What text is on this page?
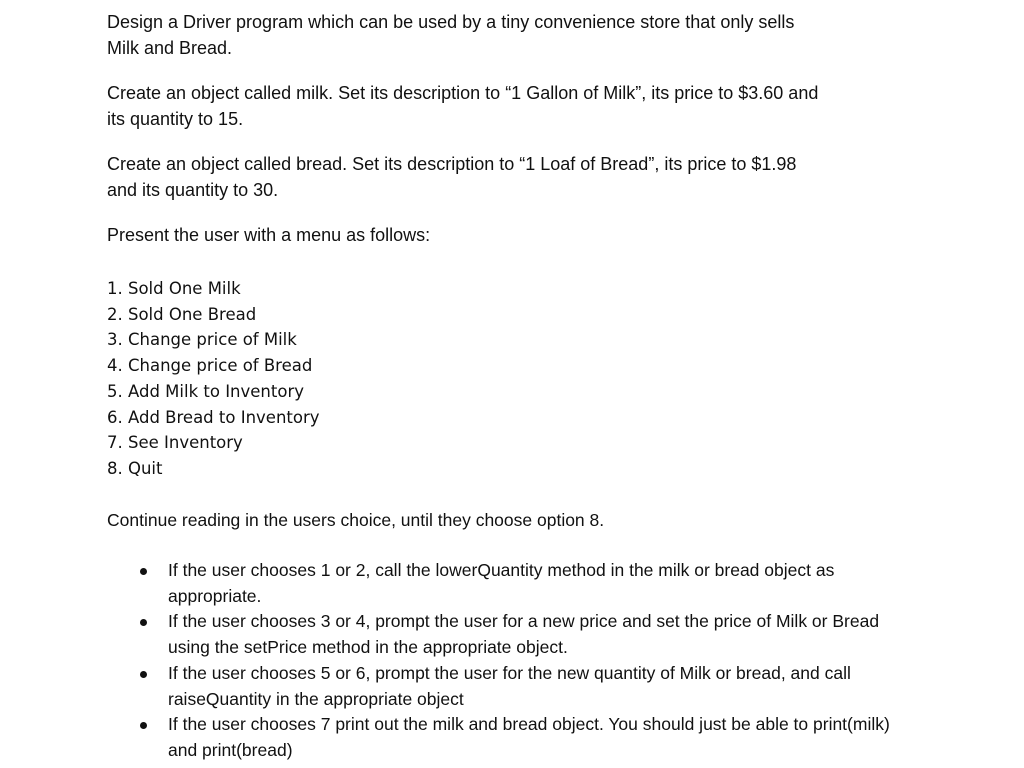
Design a Driver program which can be used by a tiny convenience store that only sells Milk and Bread.

Create an object called milk. Set its description to “1 Gallon of Milk”, its price to $3.60 and its quantity to 15.

Create an object called bread. Set its description to “1 Loaf of Bread”, its price to $1.98 and its quantity to 30.

Present the user with a menu as follows:

1. Sold One Milk
2. Sold One Bread
3. Change price of Milk
4. Change price of Bread
5. Add Milk to Inventory
6. Add Bread to Inventory
7. See Inventory
8. Quit

Continue reading in the users choice, until they choose option 8.

If the user chooses 1 or 2, call the lowerQuantity method in the milk or bread object as appropriate.
If the user chooses 3 or 4, prompt the user for a new price and set the price of Milk or Bread using the setPrice method in the appropriate object.
If the user chooses 5 or 6, prompt the user for the new quantity of Milk or bread, and call raiseQuantity in the appropriate object
If the user chooses 7 print out the milk and bread object. You should just be able to print(milk) and print(bread)
